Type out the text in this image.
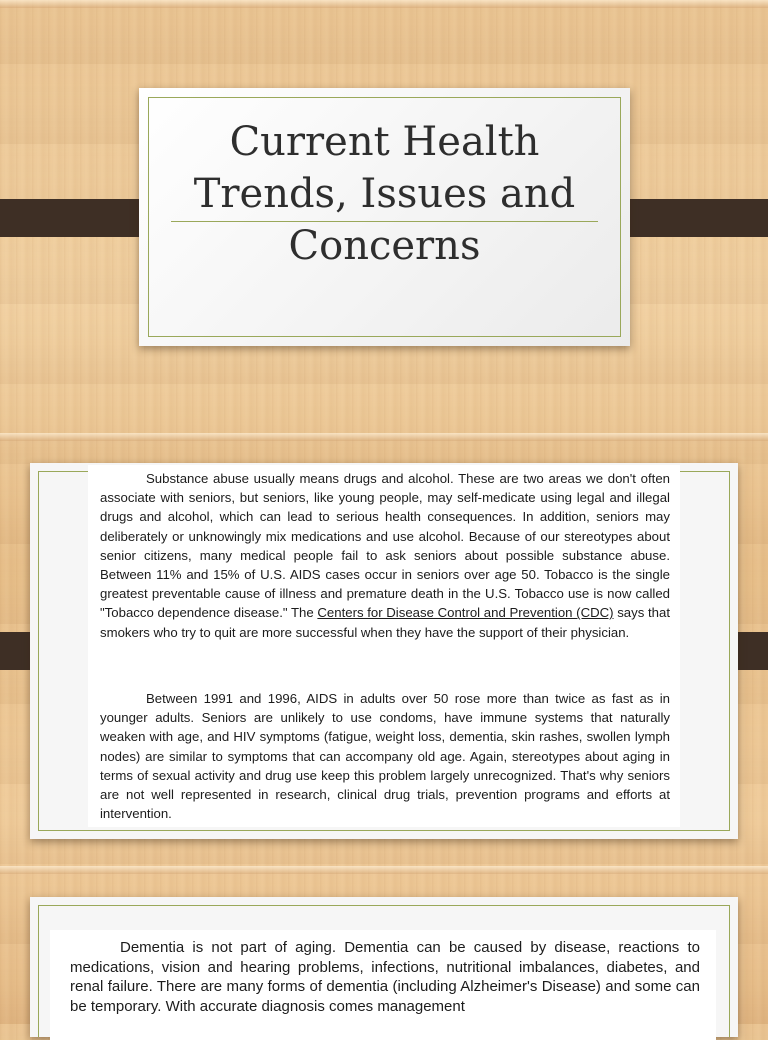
Current Health Trends, Issues and Concerns

Substance abuse usually means drugs and alcohol. These are two areas we don't often associate with seniors, but seniors, like young people, may self-medicate using legal and illegal drugs and alcohol, which can lead to serious health consequences. In addition, seniors may deliberately or unknowingly mix medications and use alcohol. Because of our stereotypes about senior citizens, many medical people fail to ask seniors about possible substance abuse. Between 11% and 15% of U.S. AIDS cases occur in seniors over age 50. Tobacco is the single greatest preventable cause of illness and premature death in the U.S. Tobacco use is now called "Tobacco dependence disease." The Centers for Disease Control and Prevention (CDC) says that smokers who try to quit are more successful when they have the support of their physician.

Between 1991 and 1996, AIDS in adults over 50 rose more than twice as fast as in younger adults. Seniors are unlikely to use condoms, have immune systems that naturally weaken with age, and HIV symptoms (fatigue, weight loss, dementia, skin rashes, swollen lymph nodes) are similar to symptoms that can accompany old age. Again, stereotypes about aging in terms of sexual activity and drug use keep this problem largely unrecognized. That's why seniors are not well represented in research, clinical drug trials, prevention programs and efforts at intervention.

Dementia is not part of aging. Dementia can be caused by disease, reactions to medications, vision and hearing problems, infections, nutritional imbalances, diabetes, and renal failure. There are many forms of dementia (including Alzheimer's Disease) and some can be temporary. With accurate diagnosis comes management
